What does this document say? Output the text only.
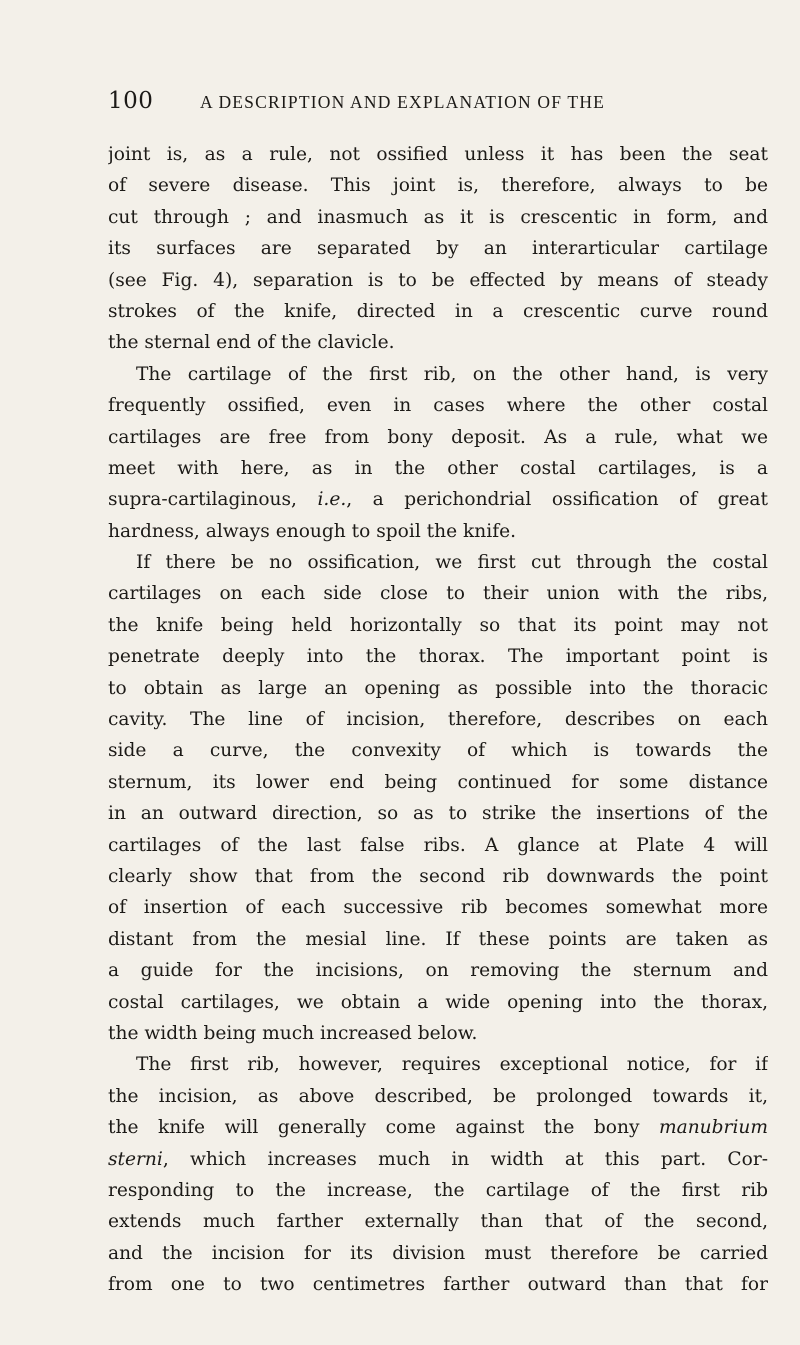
100	A DESCRIPTION AND EXPLANATION OF THE
joint is, as a rule, not ossified unless it has been the seat
of severe disease. This joint is, therefore, always to be
cut through ; and inasmuch as it is crescentic in form, and
its surfaces are separated by an interarticular cartilage
(see Fig. 4), separation is to be effected by means of steady
strokes of the knife, directed in a crescentic curve round
the sternal end of the clavicle.
The cartilage of the first rib, on the other hand, is very
frequently ossified, even in cases where the other costal
cartilages are free from bony deposit. As a rule, what we
meet with here, as in the other costal cartilages, is a
supra-cartilaginous, i.e., a perichondrial ossification of great
hardness, always enough to spoil the knife.
If there be no ossification, we first cut through the costal
cartilages on each side close to their union with the ribs,
the knife being held horizontally so that its point may not
penetrate deeply into the thorax. The important point is
to obtain as large an opening as possible into the thoracic
cavity. The line of incision, therefore, describes on each
side a curve, the convexity of which is towards the
sternum, its lower end being continued for some distance
in an outward direction, so as to strike the insertions of the
cartilages of the last false ribs. A glance at Plate 4 will
clearly show that from the second rib downwards the point
of insertion of each successive rib becomes somewhat more
distant from the mesial line. If these points are taken as
a guide for the incisions, on removing the sternum and
costal cartilages, we obtain a wide opening into the thorax,
the width being much increased below.
The first rib, however, requires exceptional notice, for if
the incision, as above described, be prolonged towards it,
the knife will generally come against the bony manubrium
sterni, which increases much in width at this part. Cor-
responding to the increase, the cartilage of the first rib
extends much farther externally than that of the second,
and the incision for its division must therefore be carried
from one to two centimetres farther outward than that for
